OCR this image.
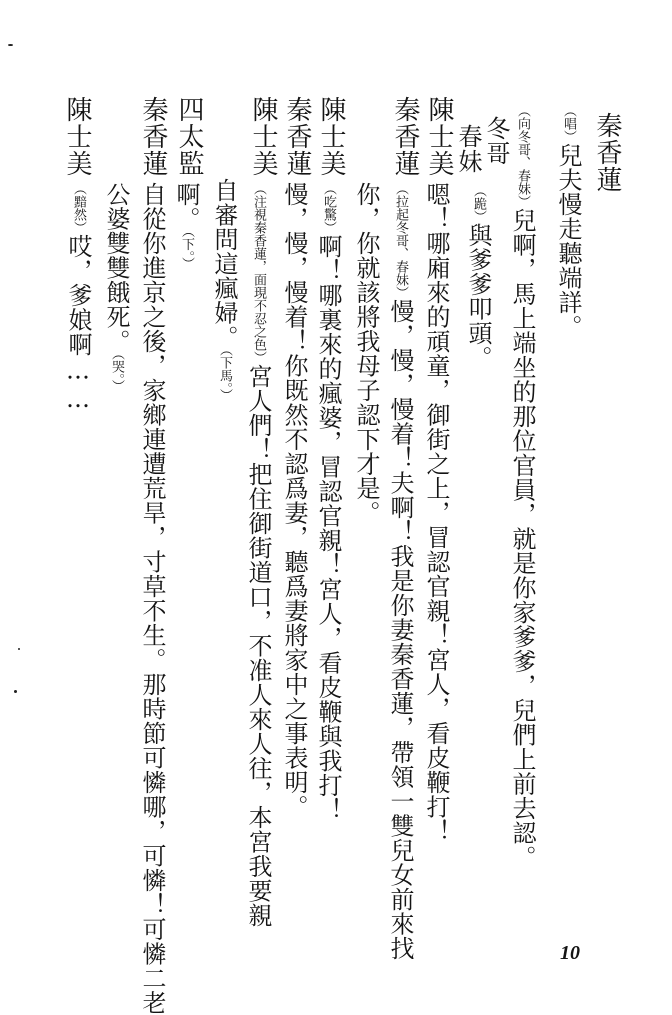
秦香蓮
（唱）兒夫慢走聽端詳。
（向冬哥、春妹）兒啊，馬上端坐的那位官員，就是你家爹爹，兒們上前去認。
冬哥
春妹
（跪）與爹爹叩頭。
陳士美
嗯！哪廂來的頑童，御街之上，冒認官親！宮人，看皮鞭打！
秦香蓮
（拉起冬哥、春妹）慢，慢，慢着！夫啊！我是你妻秦香蓮，帶領一雙兒女前來找
你，你就該將我母子認下才是。
陳士美
（吃驚）啊！哪裏來的瘋婆，冒認官親！宮人，看皮鞭與我打！
秦香蓮
慢，慢，慢着！你既然不認爲妻，聽爲妻將家中之事表明。
陳士美
（注視秦香蓮，面現不忍之色）宮人們！把住御街道口，不准人來人往，本宮我要親
自審問這瘋婦。（下馬。）
四太監
啊。（下。）
秦香蓮
自從你進京之後，家鄉連遭荒旱，寸草不生。那時節可憐哪，可憐！可憐二老
公婆雙雙餓死。（哭。）
陳士美
（黯然）哎，爹娘啊……
10
